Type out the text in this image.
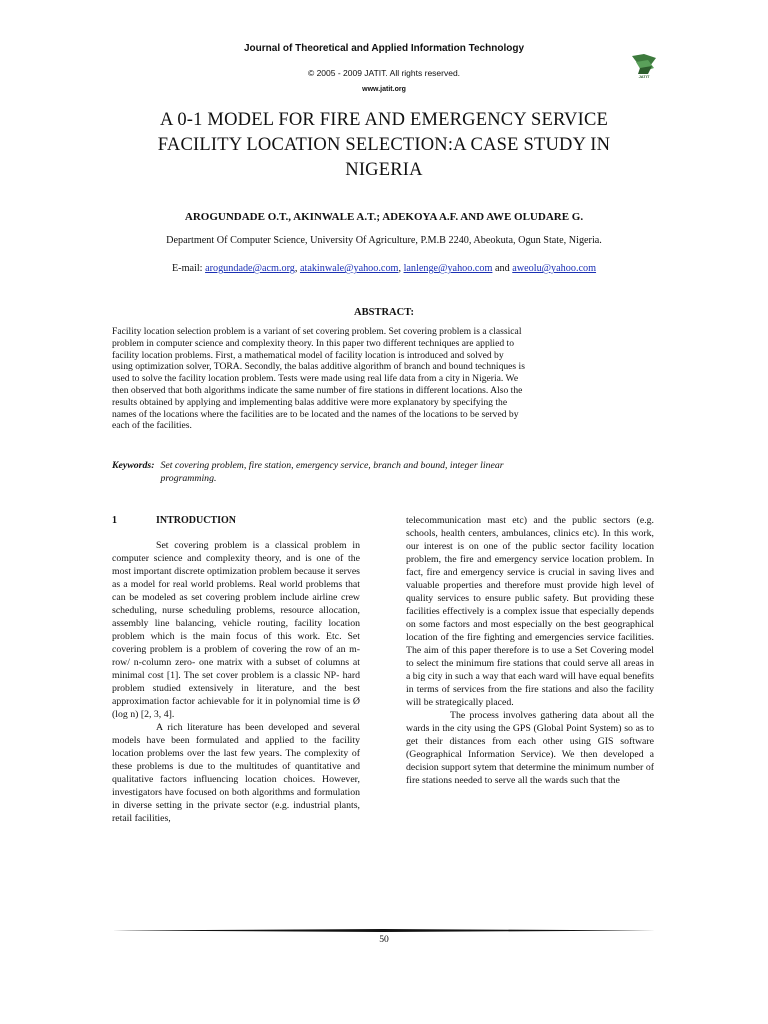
Journal of Theoretical and Applied Information Technology
© 2005 - 2009 JATIT. All rights reserved.
www.jatit.org
JATIT
A 0-1 MODEL FOR FIRE AND EMERGENCY SERVICE
FACILITY LOCATION SELECTION:A CASE STUDY IN
NIGERIA
AROGUNDADE O.T., AKINWALE A.T.; ADEKOYA A.F. AND AWE OLUDARE G.
Department Of Computer Science, University Of Agriculture, P.M.B 2240, Abeokuta, Ogun State, Nigeria.
E-mail: arogundade@acm.org, atakinwale@yahoo.com, lanlenge@yahoo.com and aweolu@yahoo.com
ABSTRACT:
Facility location selection problem is a variant of set covering problem. Set covering problem is a classical
problem in computer science and complexity theory. In this paper two different techniques are applied to
facility location problems. First, a mathematical model of facility location is introduced and solved by
using optimization solver, TORA. Secondly, the balas additive algorithm of branch and bound techniques is
used to solve the facility location problem. Tests were made using real life data from a city in Nigeria. We
then observed that both algorithms indicate the same number of fire stations in different locations. Also the
results obtained by applying and implementing balas additive were more explanatory by specifying the
names of the locations where the facilities are to be located and the names of the locations to be served by
each of the facilities.
Keywords: Set covering problem, fire station, emergency service, branch and bound, integer linear
programming.
1	INTRODUCTION
Set covering problem is a classical problem in computer science and complexity theory, and is one of the most important discrete optimization problem because it serves as a model for real world problems. Real world problems that can be modeled as set covering problem include airline crew scheduling, nurse scheduling problems, resource allocation, assembly line balancing, vehicle routing, facility location problem which is the main focus of this work. Etc. Set covering problem is a problem of covering the row of an m-row/ n-column zero- one matrix with a subset of columns at minimal cost [1]. The set cover problem is a classic NP- hard problem studied extensively in literature, and the best approximation factor achievable for it in polynomial time is Ø (log n) [2, 3, 4].
A rich literature has been developed and several models have been formulated and applied to the facility location problems over the last few years. The complexity of these problems is due to the multitudes of quantitative and qualitative factors influencing location choices. However, investigators have focused on both algorithms and formulation in diverse setting in the private sector (e.g. industrial plants, retail facilities,
telecommunication mast etc) and the public sectors (e.g. schools, health centers, ambulances, clinics etc). In this work, our interest is on one of the public sector facility location problem, the fire and emergency service location problem. In fact, fire and emergency service is crucial in saving lives and valuable properties and therefore must provide high level of quality services to ensure public safety. But providing these facilities effectively is a complex issue that especially depends on some factors and most especially on the best geographical location of the fire fighting and emergencies service facilities. The aim of this paper therefore is to use a Set Covering model to select the minimum fire stations that could serve all areas in a big city in such a way that each ward will have equal benefits in terms of services from the fire stations and also the facility will be strategically placed.
The process involves gathering data about all the wards in the city using the GPS (Global Point System) so as to get their distances from each other using GIS software (Geographical Information Service). We then developed a decision support sytem that determine the minimum number of fire stations needed to serve all the wards such that the
50
